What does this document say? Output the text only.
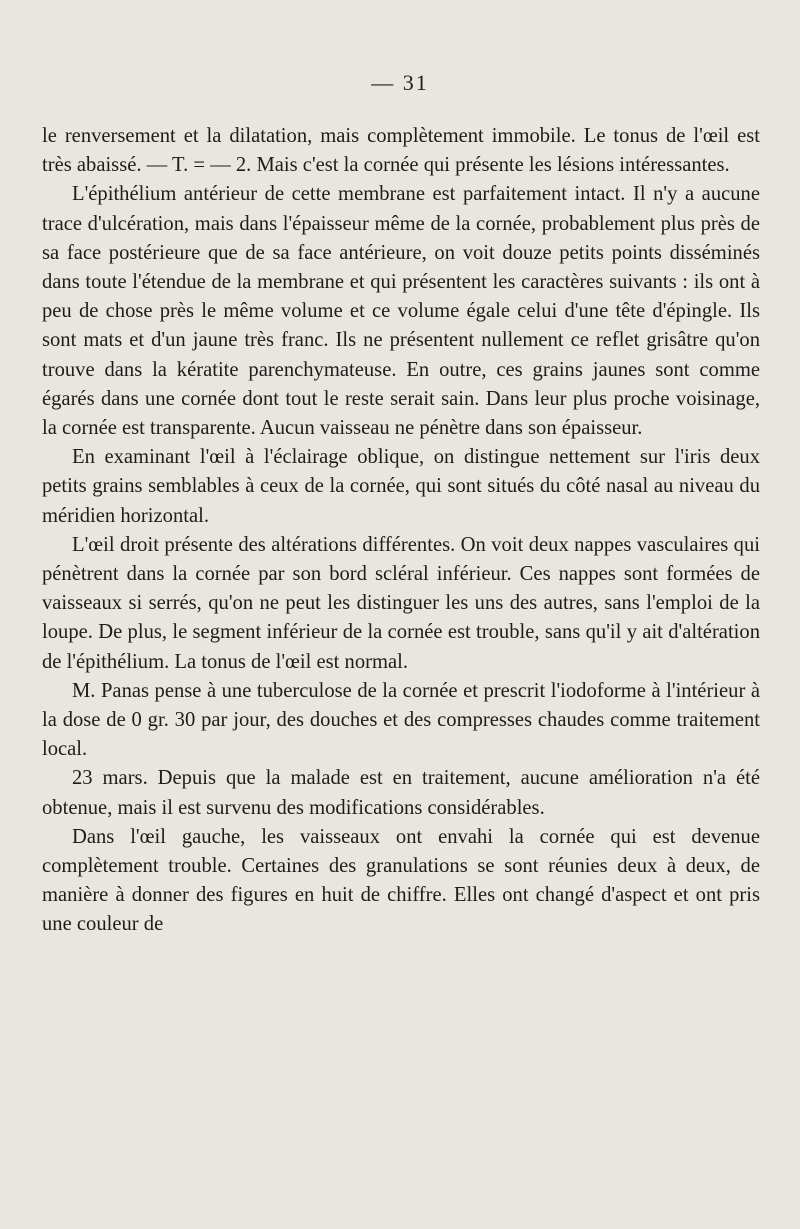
— 31

le renversement et la dilatation, mais complètement immobile. Le tonus de l'œil est très abaissé. — T. = — 2. Mais c'est la cornée qui présente les lésions intéressantes.

L'épithélium antérieur de cette membrane est parfaitement intact. Il n'y a aucune trace d'ulcération, mais dans l'épaisseur même de la cornée, probablement plus près de sa face postérieure que de sa face antérieure, on voit douze petits points disséminés dans toute l'étendue de la membrane et qui présentent les caractères suivants : ils ont à peu de chose près le même volume et ce volume égale celui d'une tête d'épingle. Ils sont mats et d'un jaune très franc. Ils ne présentent nullement ce reflet grisâtre qu'on trouve dans la kératite parenchymateuse. En outre, ces grains jaunes sont comme égarés dans une cornée dont tout le reste serait sain. Dans leur plus proche voisinage, la cornée est transparente. Aucun vaisseau ne pénètre dans son épaisseur.

En examinant l'œil à l'éclairage oblique, on distingue nettement sur l'iris deux petits grains semblables à ceux de la cornée, qui sont situés du côté nasal au niveau du méridien horizontal.

L'œil droit présente des altérations différentes. On voit deux nappes vasculaires qui pénètrent dans la cornée par son bord scléral inférieur. Ces nappes sont formées de vaisseaux si serrés, qu'on ne peut les distinguer les uns des autres, sans l'emploi de la loupe. De plus, le segment inférieur de la cornée est trouble, sans qu'il y ait d'altération de l'épithélium. La tonus de l'œil est normal.

M. Panas pense à une tuberculose de la cornée et prescrit l'iodoforme à l'intérieur à la dose de 0 gr. 30 par jour, des douches et des compresses chaudes comme traitement local.

23 mars. Depuis que la malade est en traitement, aucune amélioration n'a été obtenue, mais il est survenu des modifications considérables.

Dans l'œil gauche, les vaisseaux ont envahi la cornée qui est devenue complètement trouble. Certaines des granulations se sont réunies deux à deux, de manière à donner des figures en huit de chiffre. Elles ont changé d'aspect et ont pris une couleur de
